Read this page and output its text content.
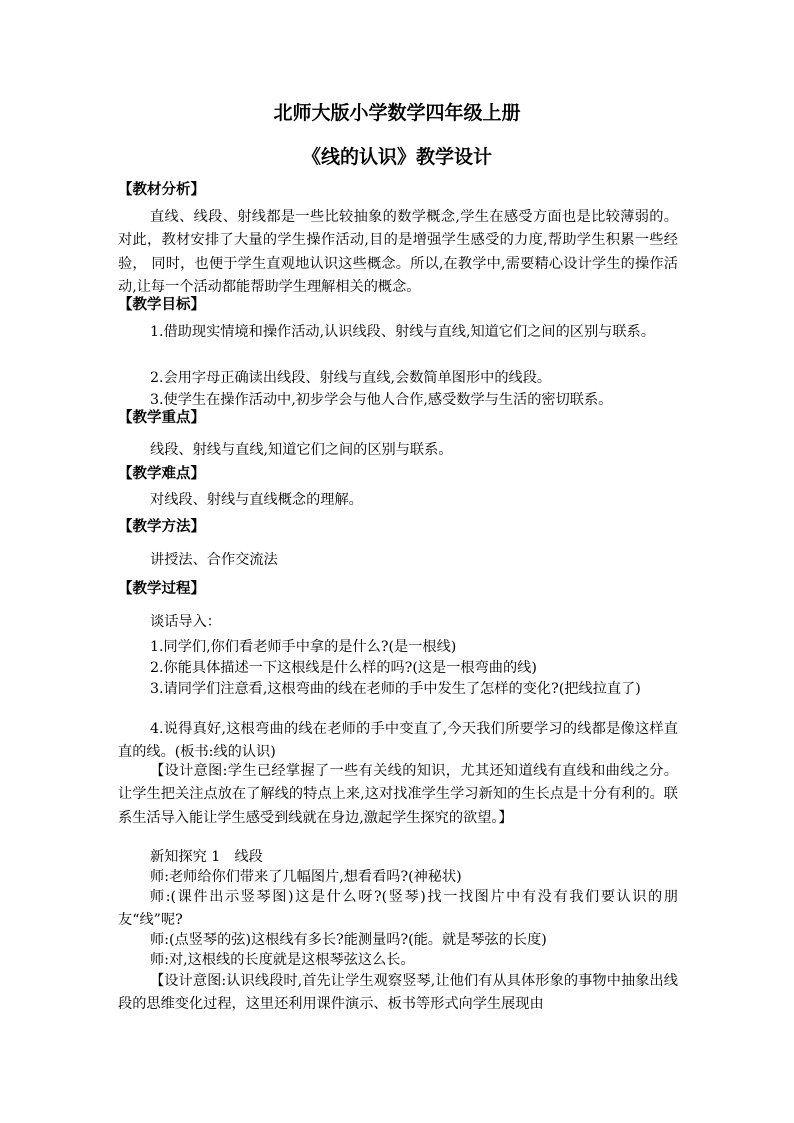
北师大版小学数学四年级上册
《线的认识》教学设计
【教材分析】
直线、线段、射线都是一些比较抽象的数学概念,学生在感受方面也是比较薄弱的。对此，教材安排了大量的学生操作活动,目的是增强学生感受的力度,帮助学生积累一些经验， 同时，也便于学生直观地认识这些概念。所以,在教学中,需要精心设计学生的操作活动,让每一个活动都能帮助学生理解相关的概念。
【教学目标】
1.借助现实情境和操作活动,认识线段、射线与直线,知道它们之间的区别与联系。
2.会用字母正确读出线段、射线与直线,会数简单图形中的线段。
3.使学生在操作活动中,初步学会与他人合作,感受数学与生活的密切联系。
【教学重点】
线段、射线与直线,知道它们之间的区别与联系。
【教学难点】
对线段、射线与直线概念的理解。
【教学方法】
讲授法、合作交流法
【教学过程】
谈话导入：
1.同学们,你们看老师手中拿的是什么?(是一根线)
2.你能具体描述一下这根线是什么样的吗?(这是一根弯曲的线)
3.请同学们注意看,这根弯曲的线在老师的手中发生了怎样的变化?(把线拉直了)
4.说得真好,这根弯曲的线在老师的手中变直了,今天我们所要学习的线都是像这样直直的线。(板书:线的认识)
【设计意图:学生已经掌握了一些有关线的知识，尤其还知道线有直线和曲线之分。让学生把关注点放在了解线的特点上来,这对找准学生学习新知的生长点是十分有利的。联系生活导入能让学生感受到线就在身边,激起学生探究的欲望。】
新知探究 1　线段
师:老师给你们带来了几幅图片,想看看吗?(神秘状)
师:(课件出示竖琴图)这是什么呀?(竖琴)找一找图片中有没有我们要认识的朋友“线”呢?
师:(点竖琴的弦)这根线有多长?能测量吗?(能。就是琴弦的长度)
师:对,这根线的长度就是这根琴弦这么长。
【设计意图:认识线段时,首先让学生观察竖琴,让他们有从具体形象的事物中抽象出线段的思维变化过程，这里还利用课件演示、板书等形式向学生展现由
